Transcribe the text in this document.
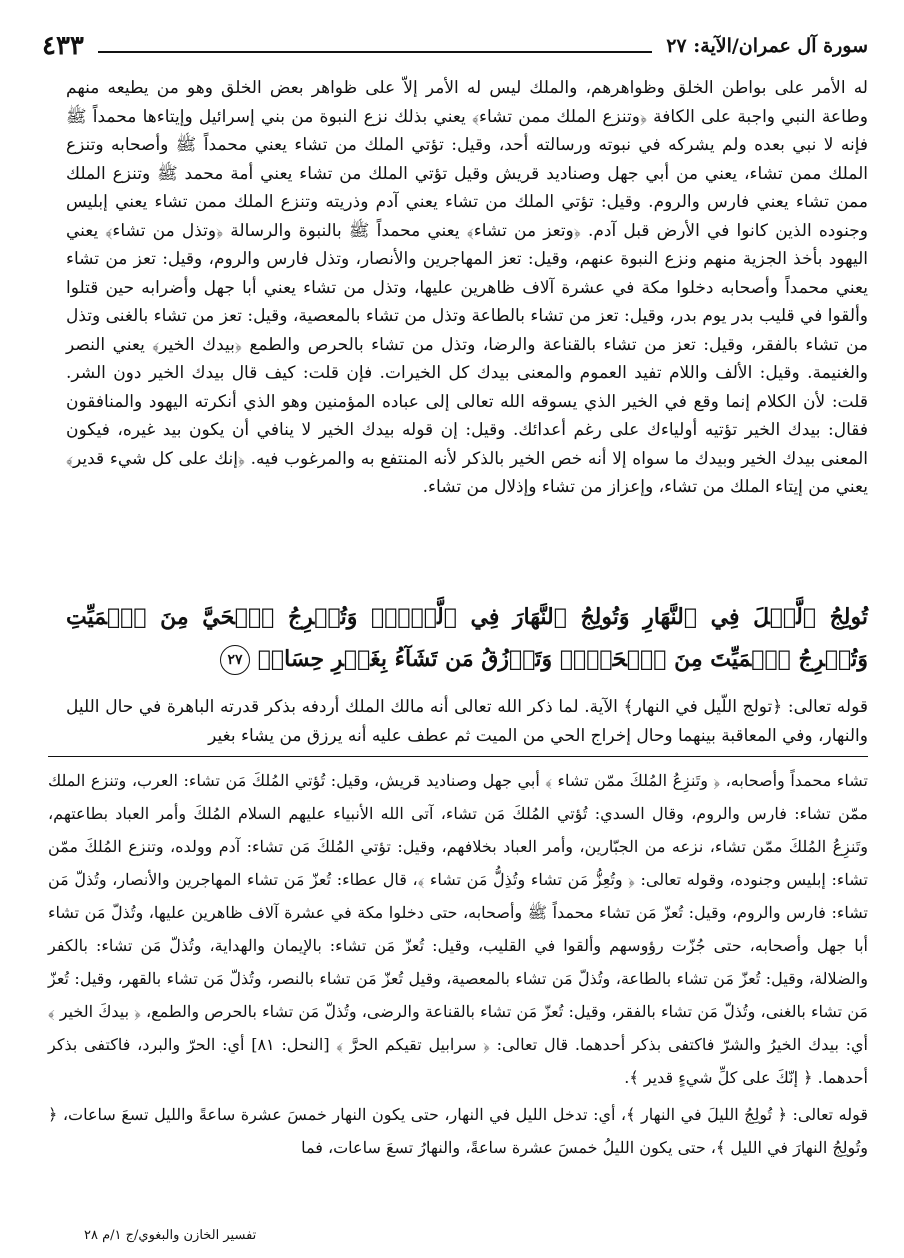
سورة آل عمران/الآية: ٢٧
٤٣٣

له الأمر على بواطن الخلق وظواهرهم، والملك ليس له الأمر إلاّ على ظواهر بعض الخلق وهو من يطيعه منهم وطاعة النبي واجبة على الكافة ﴿وتنزع الملك ممن تشاء﴾ يعني بذلك نزع النبوة من بني إسرائيل وإيتاءها محمداً ﷺ فإنه لا نبي بعده ولم يشركه في نبوته ورسالته أحد، وقيل: تؤتي الملك من تشاء يعني محمداً ﷺ وأصحابه وتنزع الملك ممن تشاء، يعني من أبي جهل وصناديد قريش وقيل تؤتي الملك من تشاء يعني أمة محمد ﷺ وتنزع الملك ممن تشاء يعني فارس والروم. وقيل: تؤتي الملك من تشاء يعني آدم وذريته وتنزع الملك ممن تشاء يعني إبليس وجنوده الذين كانوا في الأرض قبل آدم. ﴿وتعز من تشاء﴾ يعني محمداً ﷺ بالنبوة والرسالة ﴿وتذل من تشاء﴾ يعني اليهود بأخذ الجزية منهم ونزع النبوة عنهم، وقيل: تعز المهاجرين والأنصار، وتذل فارس والروم، وقيل: تعز من تشاء يعني محمداً وأصحابه دخلوا مكة في عشرة آلاف ظاهرين عليها، وتذل من تشاء يعني أبا جهل وأضرابه حين قتلوا وألقوا في قليب بدر يوم بدر، وقيل: تعز من تشاء بالطاعة وتذل من تشاء بالمعصية، وقيل: تعز من تشاء بالغنى وتذل من تشاء بالفقر، وقيل: تعز من تشاء بالقناعة والرضا، وتذل من تشاء بالحرص والطمع ﴿بيدك الخير﴾ يعني النصر والغنيمة. وقيل: الألف واللام تفيد العموم والمعنى بيدك كل الخيرات. فإن قلت: كيف قال بيدك الخير دون الشر. قلت: لأن الكلام إنما وقع في الخير الذي يسوقه الله تعالى إلى عباده المؤمنين وهو الذي أنكرته اليهود والمنافقون فقال: بيدك الخير تؤتيه أولياءك على رغم أعدائك. وقيل: إن قوله بيدك الخير لا ينافي أن يكون بيد غيره، فيكون المعنى بيدك الخير وبيدك ما سواه إلا أنه خص الخير بالذكر لأنه المنتفع به والمرغوب فيه. ﴿إنك على كل شيء قدير﴾ يعني من إيتاء الملك من تشاء، وإعزاز من تشاء وإذلال من تشاء.

تُولِجُ ٱلَّيۡلَ فِي ٱلنَّهَارِ وَتُولِجُ ٱلنَّهَارَ فِي ٱلَّيۡلِۖ وَتُخۡرِجُ ٱلۡحَيَّ مِنَ ٱلۡمَيِّتِ وَتُخۡرِجُ ٱلۡمَيِّتَ مِنَ ٱلۡحَيِّۖ وَتَرۡزُقُ مَن تَشَآءُ بِغَيۡرِ حِسَابٖ ٢٧

قوله تعالى: ﴿تولج اللّيل في النهار﴾ الآية. لما ذكر الله تعالى أنه مالك الملك أردفه بذكر قدرته الباهرة في حال الليل والنهار، وفي المعاقبة بينهما وحال إخراج الحي من الميت ثم عطف عليه أنه يرزق من يشاء بغير

تشاء محمداً وأصحابه، ﴿ وتَنزِعُ المُلكَ ممّن تشاء ﴾ أبي جهل وصناديد قريش، وقيل: تُؤتي المُلكَ مَن تشاء: العرب، وتنزع الملك ممّن تشاء: فارس والروم، وقال السدي: تُؤتي المُلكَ مَن تشاء، آتى الله الأنبياء عليهم السلام المُلكَ وأمر العباد بطاعتهم، وتَنزِعُ المُلكَ ممّن تشاء، نزعه من الجبّارين، وأمر العباد بخلافهم، وقيل: تؤتي المُلكَ مَن تشاء: آدم وولده، وتنزع المُلكَ ممّن تشاء: إبليس وجنوده، وقوله تعالى: ﴿ وتُعِزُّ مَن تشاء وتُذِلُّ مَن تشاء ﴾، قال عطاء: تُعزّ مَن تشاء المهاجرين والأنصار، وتُذلّ مَن تشاء: فارس والروم، وقيل: تُعزّ مَن تشاء محمداً ﷺ وأصحابه، حتى دخلوا مكة في عشرة آلاف ظاهرين عليها، وتُذلّ مَن تشاء أبا جهل وأصحابه، حتى جُزّت رؤوسهم وألقوا في القليب، وقيل: تُعزّ مَن تشاء: بالإيمان والهداية، وتُذلّ مَن تشاء: بالكفر والضلالة، وقيل: تُعزّ مَن تشاء بالطاعة، وتُذلّ مَن تشاء بالمعصية، وقيل تُعزّ مَن تشاء بالنصر، وتُذلّ مَن تشاء بالقهر، وقيل: تُعزّ مَن تشاء بالغنى، وتُذلّ مَن تشاء بالفقر، وقيل: تُعزّ مَن تشاء بالقناعة والرضى، وتُذلّ مَن تشاء بالحرص والطمع، ﴿ بيدكَ الخير ﴾ أي: بيدك الخيرُ والشرّ فاكتفى بذكر أحدهما. قال تعالى: ﴿ سرابيل تقيكم الحرَّ ﴾ [النحل: ٨١] أي: الحرّ والبرد، فاكتفى بذكر أحدهما. ﴿ إنّكَ على كلِّ شيءٍ قدير ﴾.

قوله تعالى: ﴿ تُولِجُ الليلَ في النهار ﴾، أي: تدخل الليل في النهار، حتى يكون النهار خمسَ عشرة ساعةً والليل تسعَ ساعات، ﴿ وتُولِجُ النهارَ في الليل ﴾، حتى يكون الليلُ خمسَ عشرة ساعةً، والنهارُ تسعَ ساعات، فما

تفسير الخازن والبغوي/ج ١/م ٢٨
